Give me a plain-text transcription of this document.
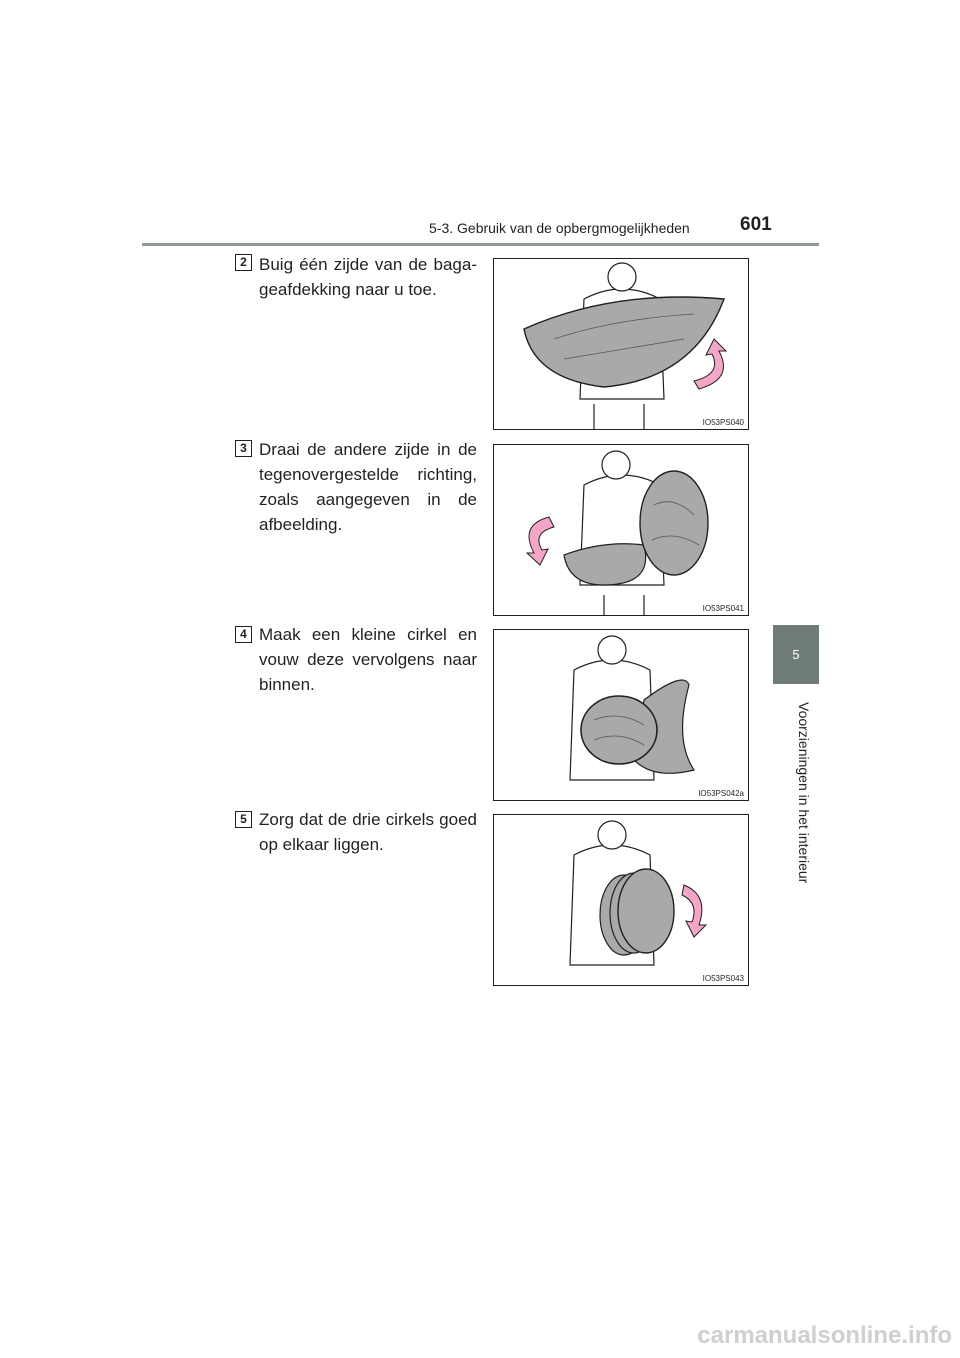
5-3. Gebruik van de opbergmogelijkheden	601
5
Voorzieningen in het interieur
2 Buig één zijde van de baga-geafdekking naar u toe.
IO53PS040
3 Draai de andere zijde in de tegenovergestelde richting, zoals aangegeven in de afbeelding.
IO53PS041
4 Maak een kleine cirkel en vouw deze vervolgens naar binnen.
IO53PS042a
5 Zorg dat de drie cirkels goed op elkaar liggen.
IO53PS043
carmanualsonline.info
